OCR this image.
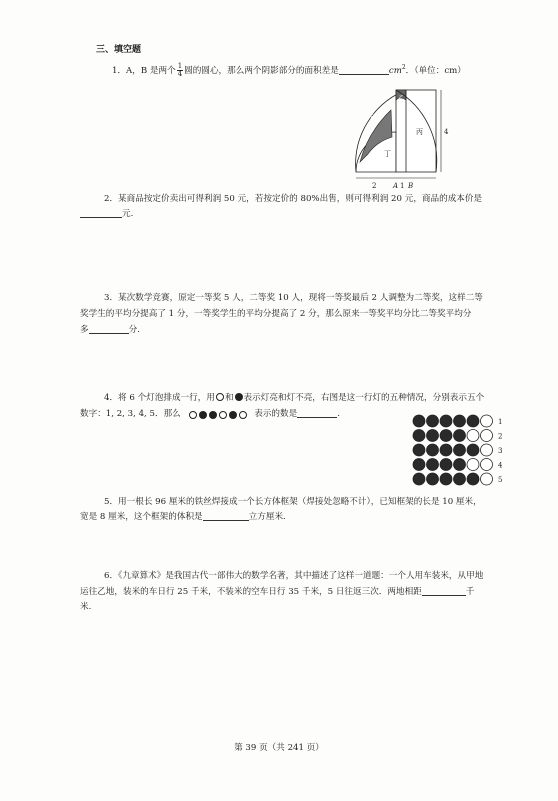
三、填空题
1．A，B 是两个 $\frac{1}{4}$ 圆的圆心，那么两个阴影部分的面积差是	$cm^2$．（单位：cm）
甲
乙
丙
丁
2 A 1 B
4
2．某商品按定价卖出可得利润 50 元，若按定价的 80%出售，则可得利润 20 元，商品的成本价是
元.
3．某次数学竞赛，原定一等奖 5 人，二等奖 10 人，现将一等奖最后 2 人调整为二等奖，这样二等
奖学生的平均分提高了 1 分，一等奖学生的平均分提高了 2 分，那么原来一等奖平均分比二等奖平均分
多	分.
4．将 6 个灯泡排成一行，用 和 表示灯亮和灯不亮，右图是这一行灯的五种情况，分别表示五个
数字：1, 2, 3, 4, 5．那么	表示的数是	.
1
2
3
4
5
5．用一根长 96 厘米的铁丝焊接成一个长方体框架（焊接处忽略不计），已知框架的长是 10 厘米，
宽是 8 厘米，这个框架的体积是	立方厘米.
6．《九章算术》是我国古代一部伟大的数学名著，其中描述了这样一道题：一个人用车装米，从甲地
运往乙地，装米的车日行 25 千米，不装米的空车日行 35 千米，5 日往返三次．两地相距	千
米.
第 39 页（共 241 页）
